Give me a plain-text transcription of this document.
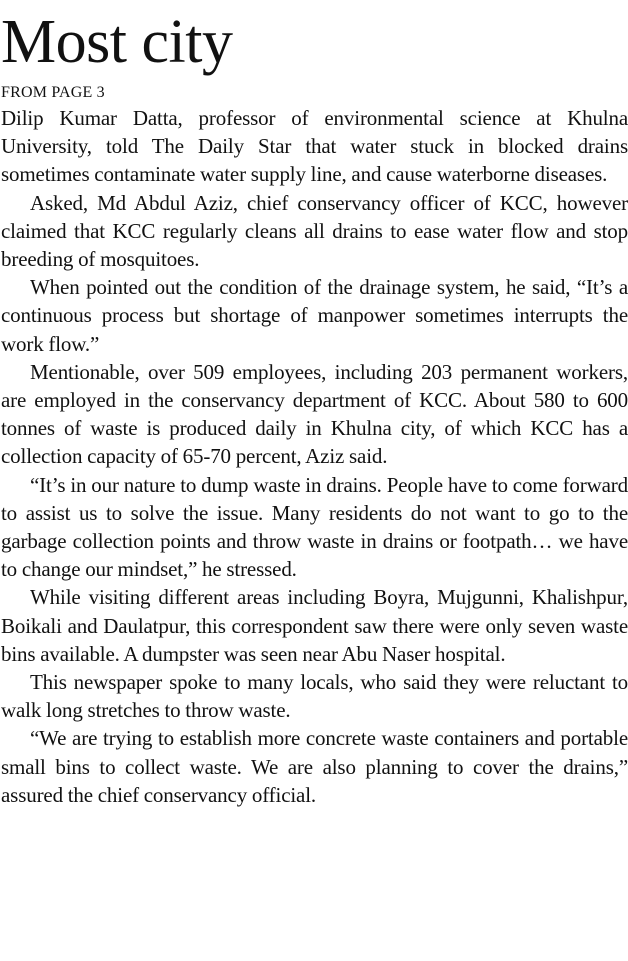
Most city
FROM PAGE 3

Dilip Kumar Datta, professor of environmental science at Khulna University, told The Daily Star that water stuck in blocked drains sometimes contaminate water supply line, and cause waterborne diseases.

Asked, Md Abdul Aziz, chief conservancy officer of KCC, however claimed that KCC regularly cleans all drains to ease water flow and stop breeding of mosquitoes.

When pointed out the condition of the drainage system, he said, “It’s a continuous process but shortage of manpower sometimes interrupts the work flow.”

Mentionable, over 509 employees, including 203 permanent workers, are employed in the conservancy department of KCC. About 580 to 600 tonnes of waste is produced daily in Khulna city, of which KCC has a collection capacity of 65-70 percent, Aziz said.

“It’s in our nature to dump waste in drains. People have to come forward to assist us to solve the issue. Many residents do not want to go to the garbage collection points and throw waste in drains or footpath… we have to change our mindset,” he stressed.

While visiting different areas including Boyra, Mujgunni, Khalishpur, Boikali and Daulatpur, this correspondent saw there were only seven waste bins available. A dumpster was seen near Abu Naser hospital.

This newspaper spoke to many locals, who said they were reluctant to walk long stretches to throw waste.

“We are trying to establish more concrete waste containers and portable small bins to collect waste. We are also planning to cover the drains,” assured the chief conservancy official.
